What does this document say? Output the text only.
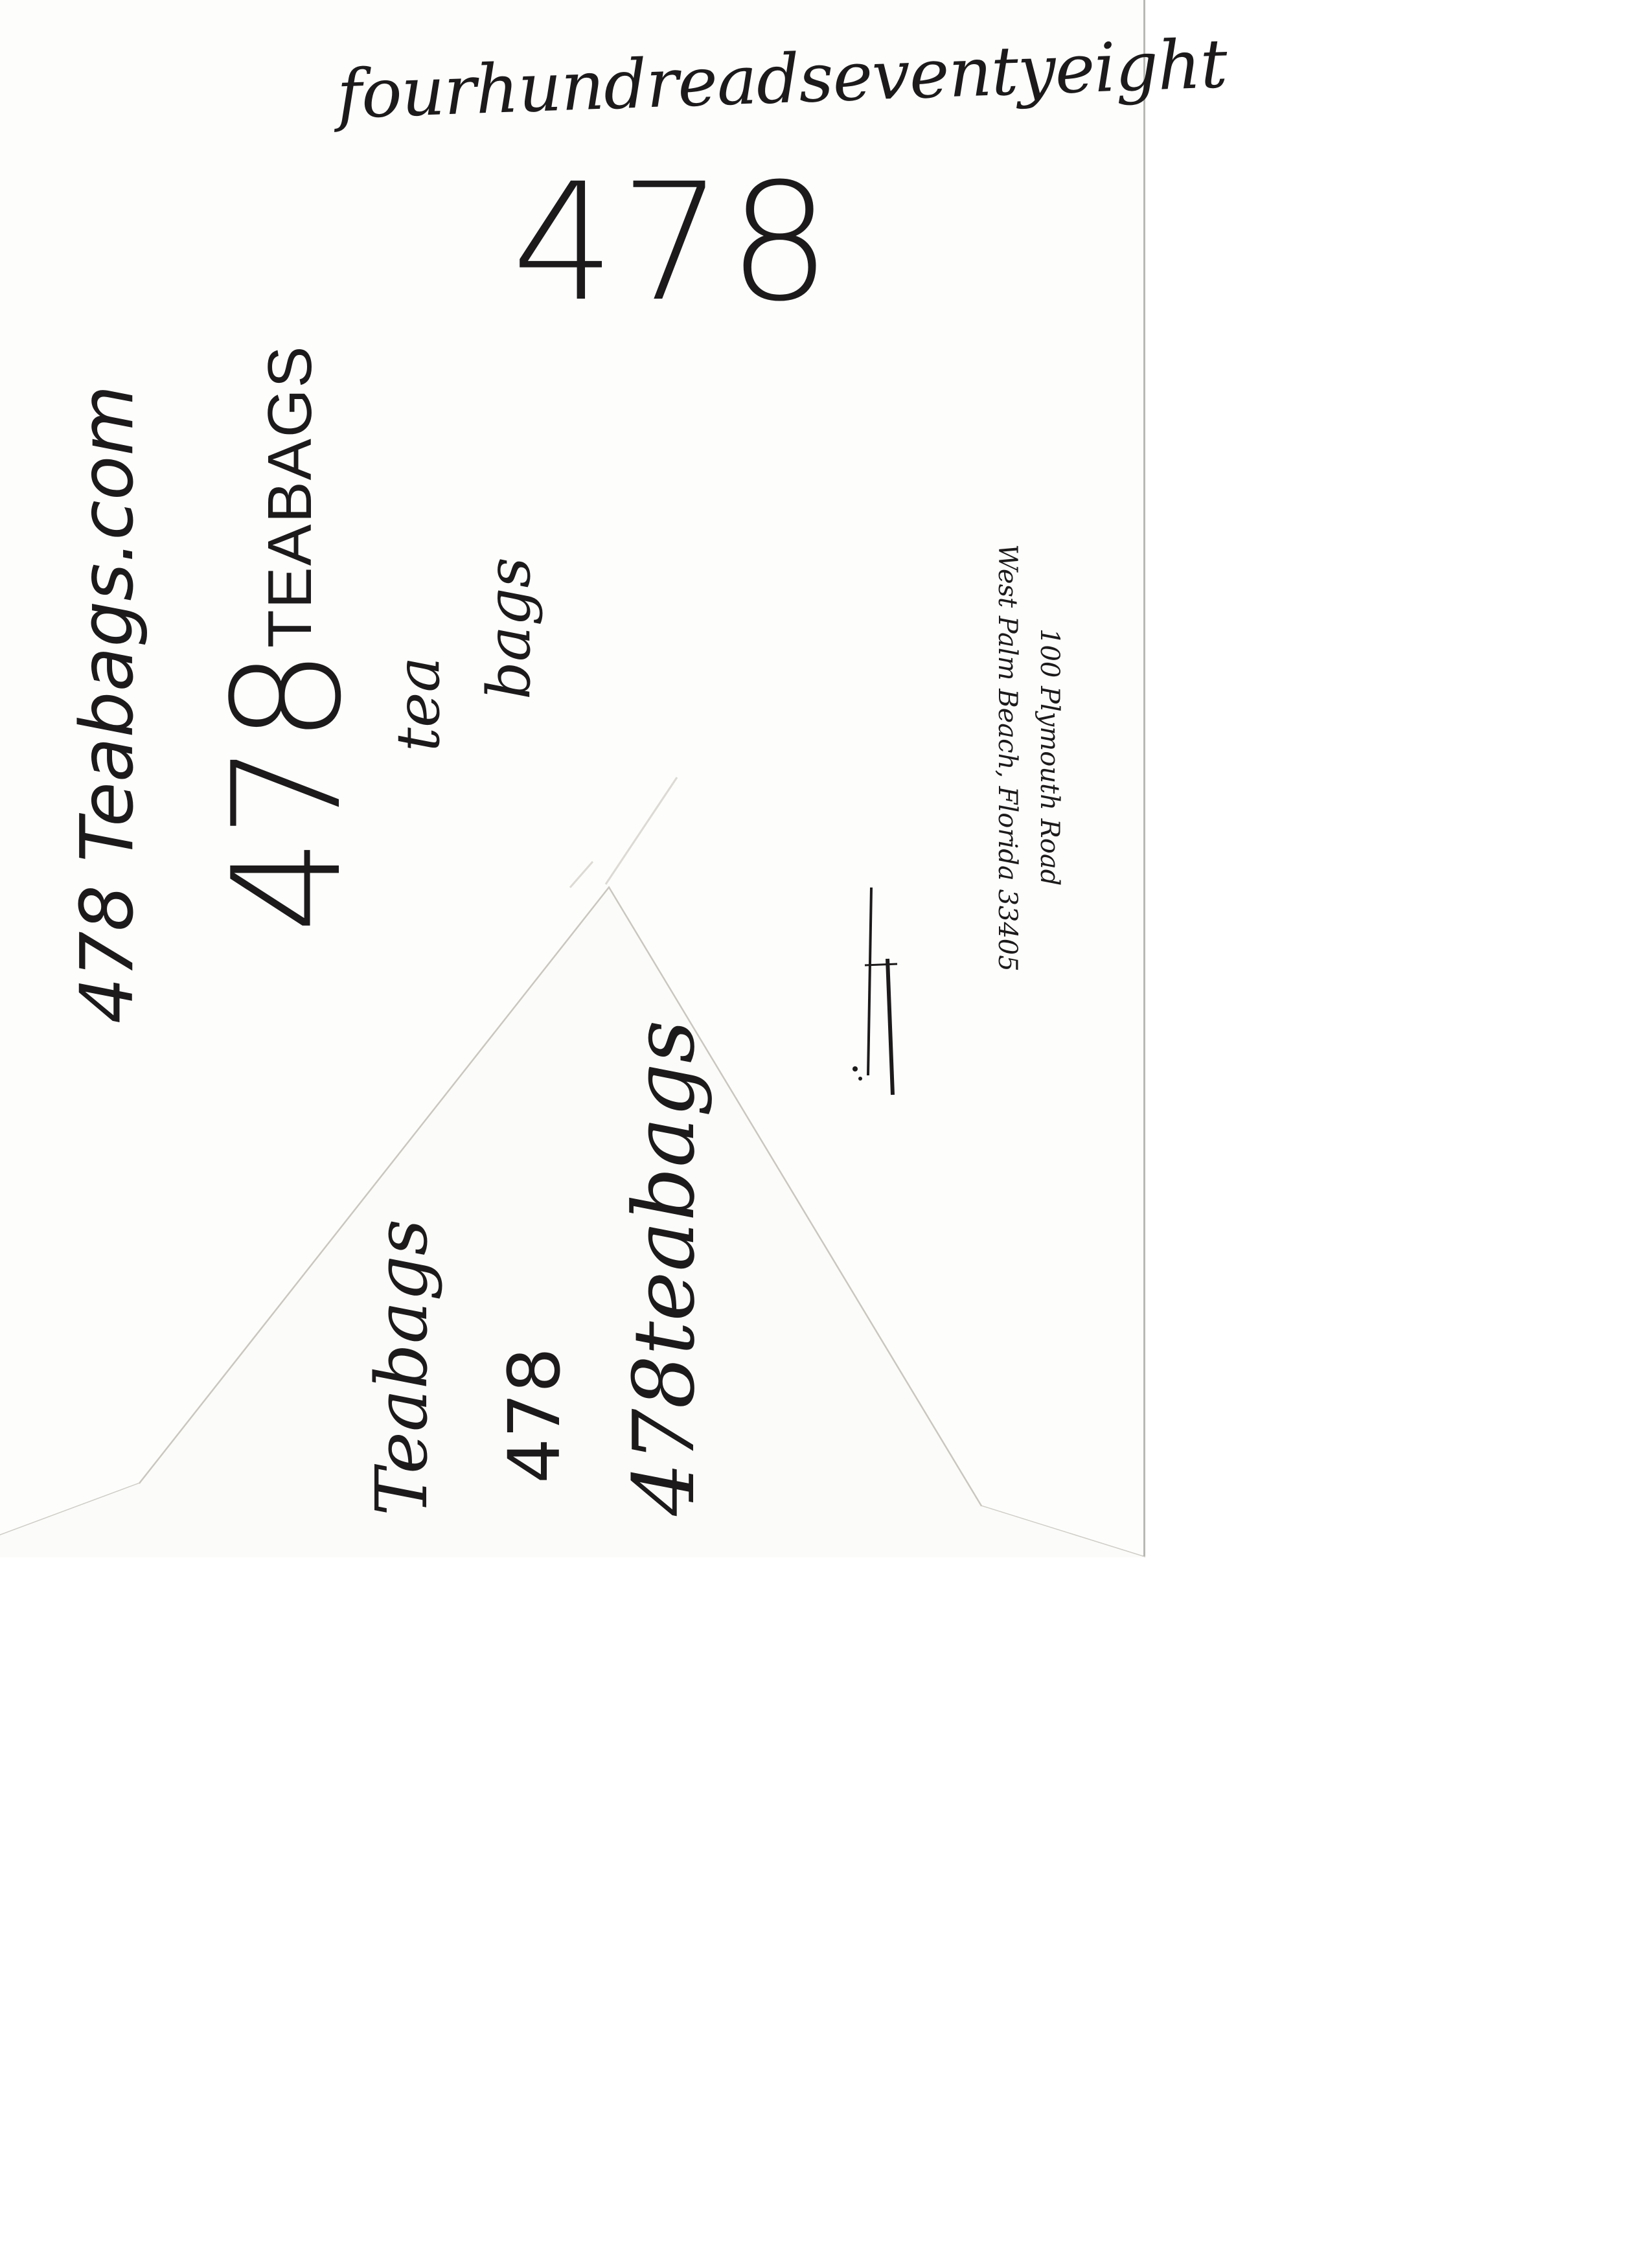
fourhundreadseventyeight
478
478 Teabags.com 478
TEABAGS
tea
bags	100 Plymouth Road
West Palm Beach, Florida 33405
Teabags 478 478teabags
